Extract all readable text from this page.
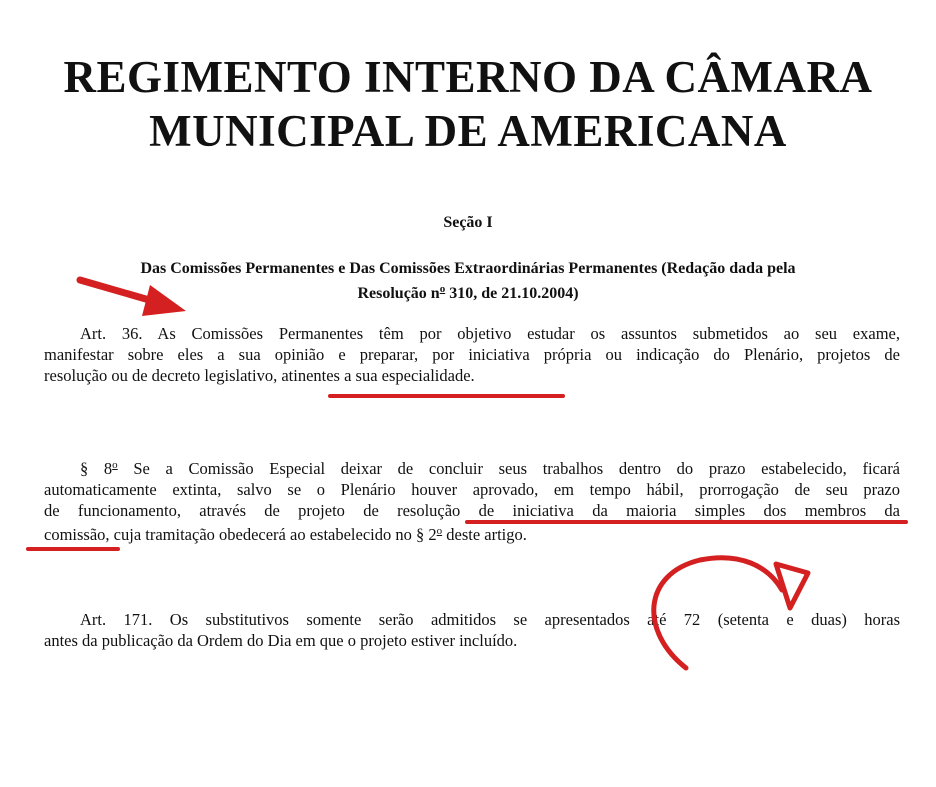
REGIMENTO INTERNO DA CÂMARA
MUNICIPAL DE AMERICANA
Seção I
Das Comissões Permanentes e Das Comissões Extraordinárias Permanentes (Redação dada pela
Resolução $n^o$ 310, de 21.10.2004)
Art. 36. As Comissões Permanentes têm por objetivo estudar os assuntos submetidos ao seu exame,
manifestar sobre eles a sua opinião e preparar, por iniciativa própria ou indicação do Plenário, projetos de
resolução ou de decreto legislativo, atinentes a sua especialidade.
§ 8$^o$ Se a Comissão Especial deixar de concluir seus trabalhos dentro do prazo estabelecido, ficará
automaticamente extinta, salvo se o Plenário houver aprovado, em tempo hábil, prorrogação de seu prazo
de funcionamento, através de projeto de resolução de iniciativa da maioria simples dos membros da
comissão, cuja tramitação obedecerá ao estabelecido no § 2$^o$ deste artigo.
Art. 171. Os substitutivos somente serão admitidos se apresentados até 72 (setenta e duas) horas
antes da publicação da Ordem do Dia em que o projeto estiver incluído.
